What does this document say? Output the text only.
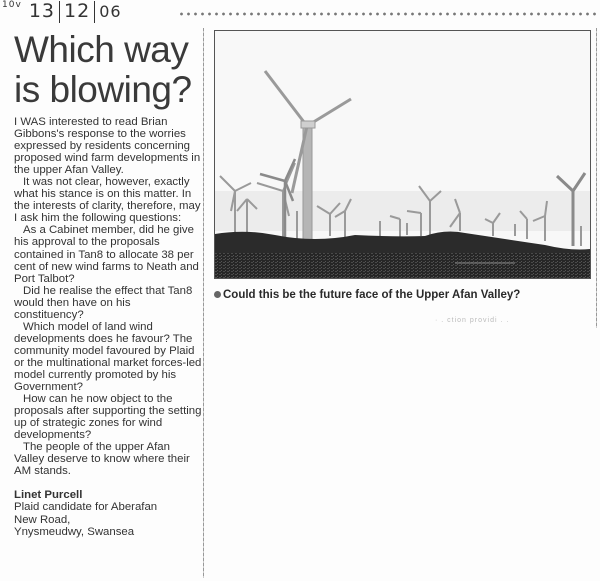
$^{10v}$ 13 12 06
Which way
is blowing?

I WAS interested to read Brian Gibbons's response to the worries expressed by residents concerning proposed wind farm developments in the upper Afan Valley.

It was not clear, however, exactly what his stance is on this matter. In the interests of clarity, therefore, may I ask him the following questions:

As a Cabinet member, did he give his approval to the proposals contained in Tan8 to allocate 38 per cent of new wind farms to Neath and Port Talbot?

Did he realise the effect that Tan8 would then have on his constituency?

Which model of land wind developments does he favour? The community model favoured by Plaid or the multinational market forces-led model currently promoted by his Government?

How can he now object to the proposals after supporting the setting up of strategic zones for wind developments?

The people of the upper Afan Valley deserve to know where their AM stands.

Linet Purcell
Plaid candidate for Aberafan
New Road,
Ynysmeudwy, Swansea
Could this be the future face of the Upper Afan Valley?
· . ction providi . .
